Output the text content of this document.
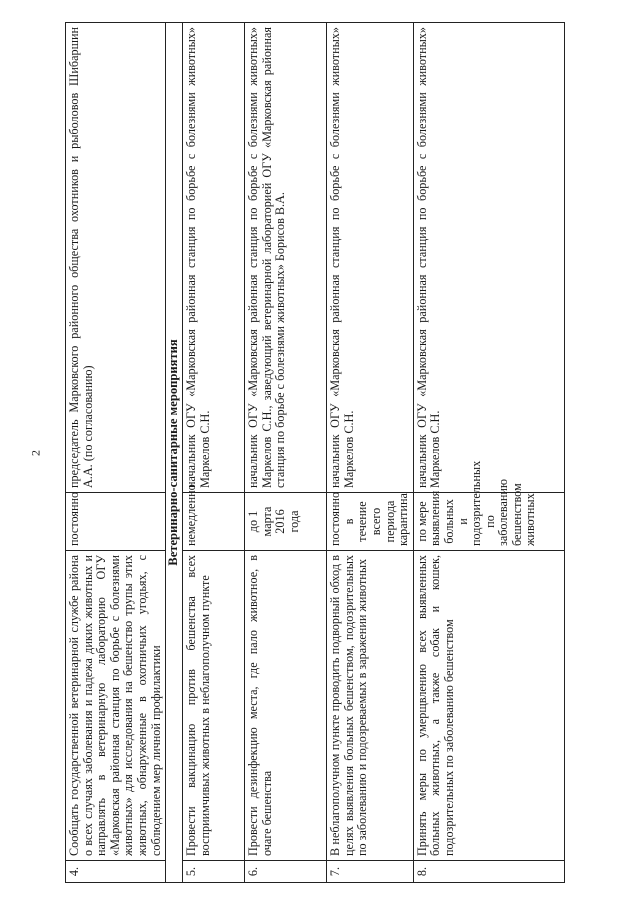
2
4.	Сообщать государственной ветеринарной службе района о всех случаях заболевания и падежа диких животных и направлять в ветеринарную лабораторию ОГУ «Марковская районная станция по борьбе с болезнями животных» для исследования на бешенство трупы этих животных, обнаруженные в охотничьих угодьях, с соблюдением мер личной профилактики	постоянно	председатель Марковского районного общества охотников и рыболовов Шибаршин А.А. (по согласованию)
Ветеринарно-санитарные мероприятия			
5.	Провести вакцинацию против бешенства всех восприимчивых животных в неблагополучном пункте	немедленно	начальник ОГУ «Марковская районная станция по борьбе с болезнями животных» Маркелов С.Н.
6.	Провести дезинфекцию места, где пало животное, в очаге бешенства	до 1 марта 2016 года	начальник ОГУ «Марковская районная станция по борьбе с болезнями животных» Маркелов С.Н., заведующий ветеринарной лабораторией ОГУ «Марковская районная станция по борьбе с болезнями животных» Борисов В.А.
7.	В неблагополучном пункте проводить подворный обход в целях выявления больных бешенством, подозрительных по заболеванию и подозреваемых в заражении животных	постоянно в течение всего периода карантина	начальник ОГУ «Марковская районная станция по борьбе с болезнями животных» Маркелов С.Н.
8.	Принять меры по умерщвлению всех выявленных больных животных, а также собак и кошек, подозрительных по заболеванию бешенством	по мере выявления больных и подозрительных по заболеванию бешенством животных	начальник ОГУ «Марковская районная станция по борьбе с болезнями животных» Маркелов С.Н.
